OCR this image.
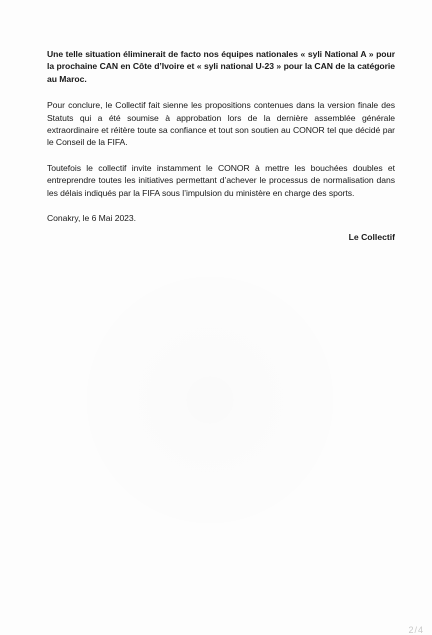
Une telle situation éliminerait de facto nos équipes nationales « syli National A » pour la prochaine CAN en Côte d’Ivoire et « syli national U-23 » pour la CAN de la catégorie au Maroc.

Pour conclure, le Collectif fait sienne les propositions contenues dans la version finale des Statuts qui a été soumise à approbation lors de la dernière assemblée générale extraordinaire et réitère toute sa confiance et tout son soutien au CONOR tel que décidé par le Conseil de la FIFA.

Toutefois le collectif invite instamment le CONOR à mettre les bouchées doubles et entreprendre toutes les initiatives permettant d’achever le processus de normalisation dans les délais indiqués par la FIFA sous l’impulsion du ministère en charge des sports.

Conakry, le 6 Mai 2023.

Le Collectif
2/4
